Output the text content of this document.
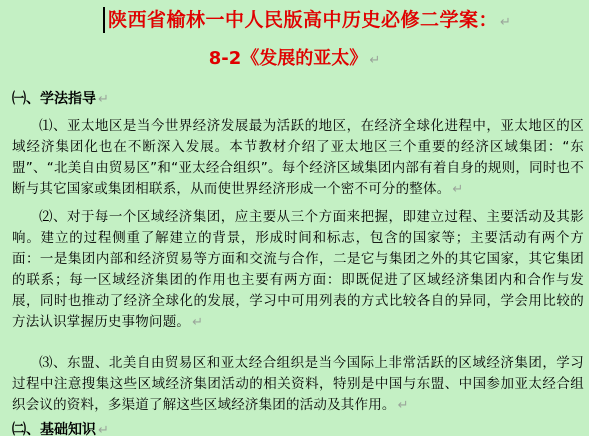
陕西省榆林一中人民版高中历史必修二学案： ↵
8-2《发展的亚太》 ↵
㈠、学法指导 ↵
⑴、亚太地区是当今世界经济发展最为活跃的地区，在经济全球化进程中，亚太地区的区域经济集团化也在不断深入发展。本节教材介绍了亚太地区三个重要的经济区域集团：“东盟”、“北美自由贸易区”和“亚太经合组织”。每个经济区域集团内部有着自身的规则，同时也不断与其它国家或集团相联系，从而使世界经济形成一个密不可分的整体。 ↵
⑵、对于每一个区域经济集团，应主要从三个方面来把握，即建立过程、主要活动及其影响。建立的过程侧重了解建立的背景，形成时间和标志，包含的国家等；主要活动有两个方面：一是集团内部和经济贸易等方面和交流与合作，二是它与集团之外的其它国家，其它集团的联系；每一区域经济集团的作用也主要有两方面：即既促进了区域经济集团内和合作与发展，同时也推动了经济全球化的发展，学习中可用列表的方式比较各自的异同，学会用比较的方法认识掌握历史事物问题。 ↵
⑶、东盟、北美自由贸易区和亚太经合组织是当今国际上非常活跃的区域经济集团，学习过程中注意搜集这些区域经济集团活动的相关资料，特别是中国与东盟、中国参加亚太经合组织会议的资料，多渠道了解这些区域经济集团的活动及其作用。 ↵
㈡、基础知识 ↵
